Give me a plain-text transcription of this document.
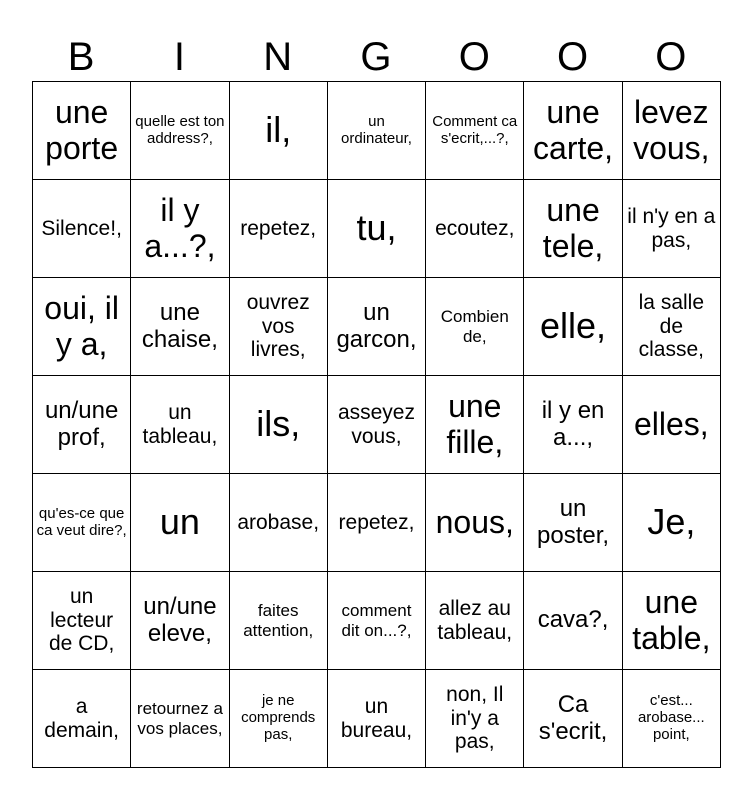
B	I	N	G	O	O	O
une porte	quelle est ton address?,	il,	un ordinateur,	Comment ca s'ecrit,...?,	une carte,	levez vous,
Silence!,	il y a...?,	repetez,	tu,	ecoutez,	une tele,	il n'y en a pas,
oui, il y a,	une chaise,	ouvrez vos livres,	un garcon,	Combien de,	elle,	la salle de classe,
un/une prof,	un tableau,	ils,	asseyez vous,	une fille,	il y en a...,	elles,
qu'es-ce que ca veut dire?,	un	arobase,	repetez,	nous,	un poster,	Je,
un lecteur de CD,	un/une eleve,	faites attention,	comment dit on...?,	allez au tableau,	cava?,	une table,
a demain,	retournez a vos places,	je ne comprends pas,	un bureau,	non, Il in'y a pas,	Ca s'ecrit,	c'est... arobase... point,
